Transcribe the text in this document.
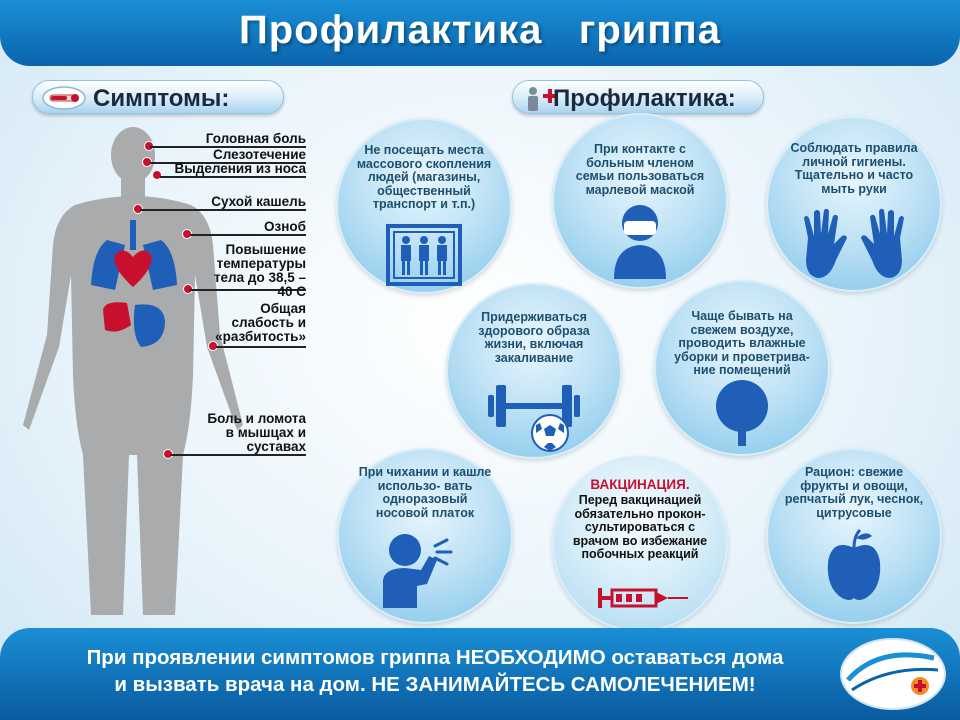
Профилактика   гриппа
Симптомы:	Профилактика:
Головная боль
Слезотечение
Выделения из носа
Сухой кашель
Озноб
Повышение температуры тела до 38,5 – 40 С
Общая слабость и «разбитость»
Боль и ломота в мышцах и суставах
Не посещать места массового скопления людей (магазины, общественный транспорт и т.п.)
При контакте с больным членом семьи пользоваться марлевой маской
Соблюдать правила личной гигиены. Тщательно и часто мыть руки
Придерживаться здорового образа жизни, включая закаливание
Чаще бывать на свежем воздухе, проводить влажные уборки и проветрива- ние помещений
При чихании и кашле использо- вать одноразовый носовой платок
ВАКЦИНАЦИЯ.
Перед вакцинацией обязательно прокон- сультироваться с врачом во избежание побочных реакций
Рацион: свежие фрукты и овощи, репчатый лук, чеснок, цитрусовые
При проявлении симптомов гриппа НЕОБХОДИМО оставаться дома
и вызвать врача на дом. НЕ ЗАНИМАЙТЕСЬ САМОЛЕЧЕНИЕМ!
